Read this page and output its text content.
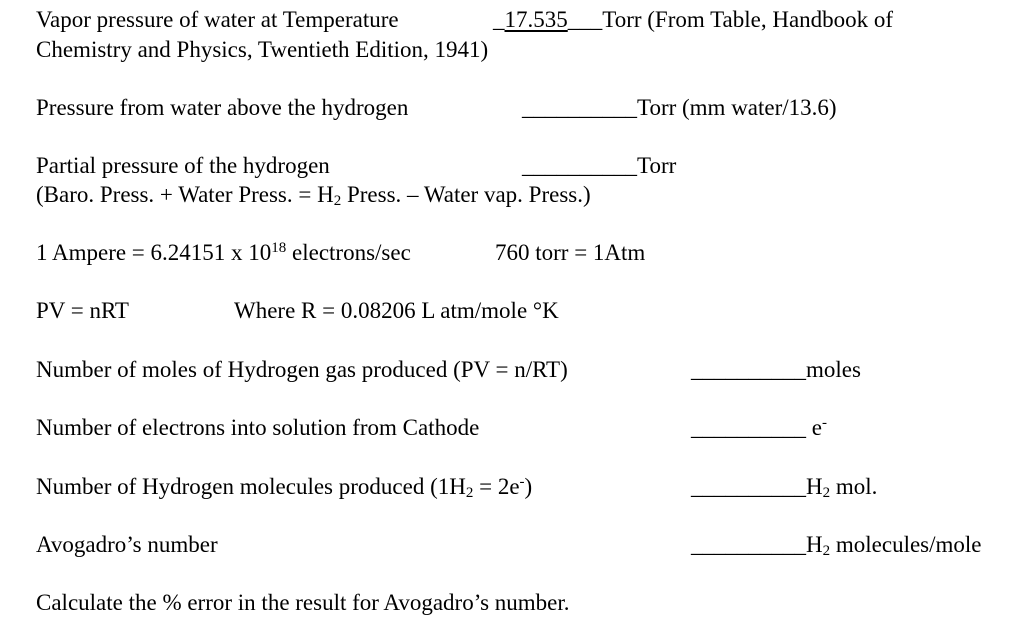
Vapor pressure of water at Temperature	_17.535___Torr (From Table, Handbook of
Chemistry and Physics, Twentieth Edition, 1941)
Pressure from water above the hydrogen	__________Torr (mm water/13.6)
Partial pressure of the hydrogen	__________Torr
(Baro. Press. + Water Press. = $H_2$ Press. – Water vap. Press.)
1 Ampere = 6.24151 x $10^{18}$ electrons/sec	760 torr = 1Atm
PV = nRT	Where R = 0.08206 L atm/mole °K
Number of moles of Hydrogen gas produced (PV = n/RT)	__________moles
Number of electrons into solution from Cathode	__________ e-
Number of Hydrogen molecules produced $(1H_2 = 2e^-)$	$\_\_\_\_\_\_\_\_\_\_H_2$ mol.
Avogadro’s number	$\_\_\_\_\_\_\_\_\_\_H_2$ molecules/mole
Calculate the % error in the result for Avogadro’s number.
